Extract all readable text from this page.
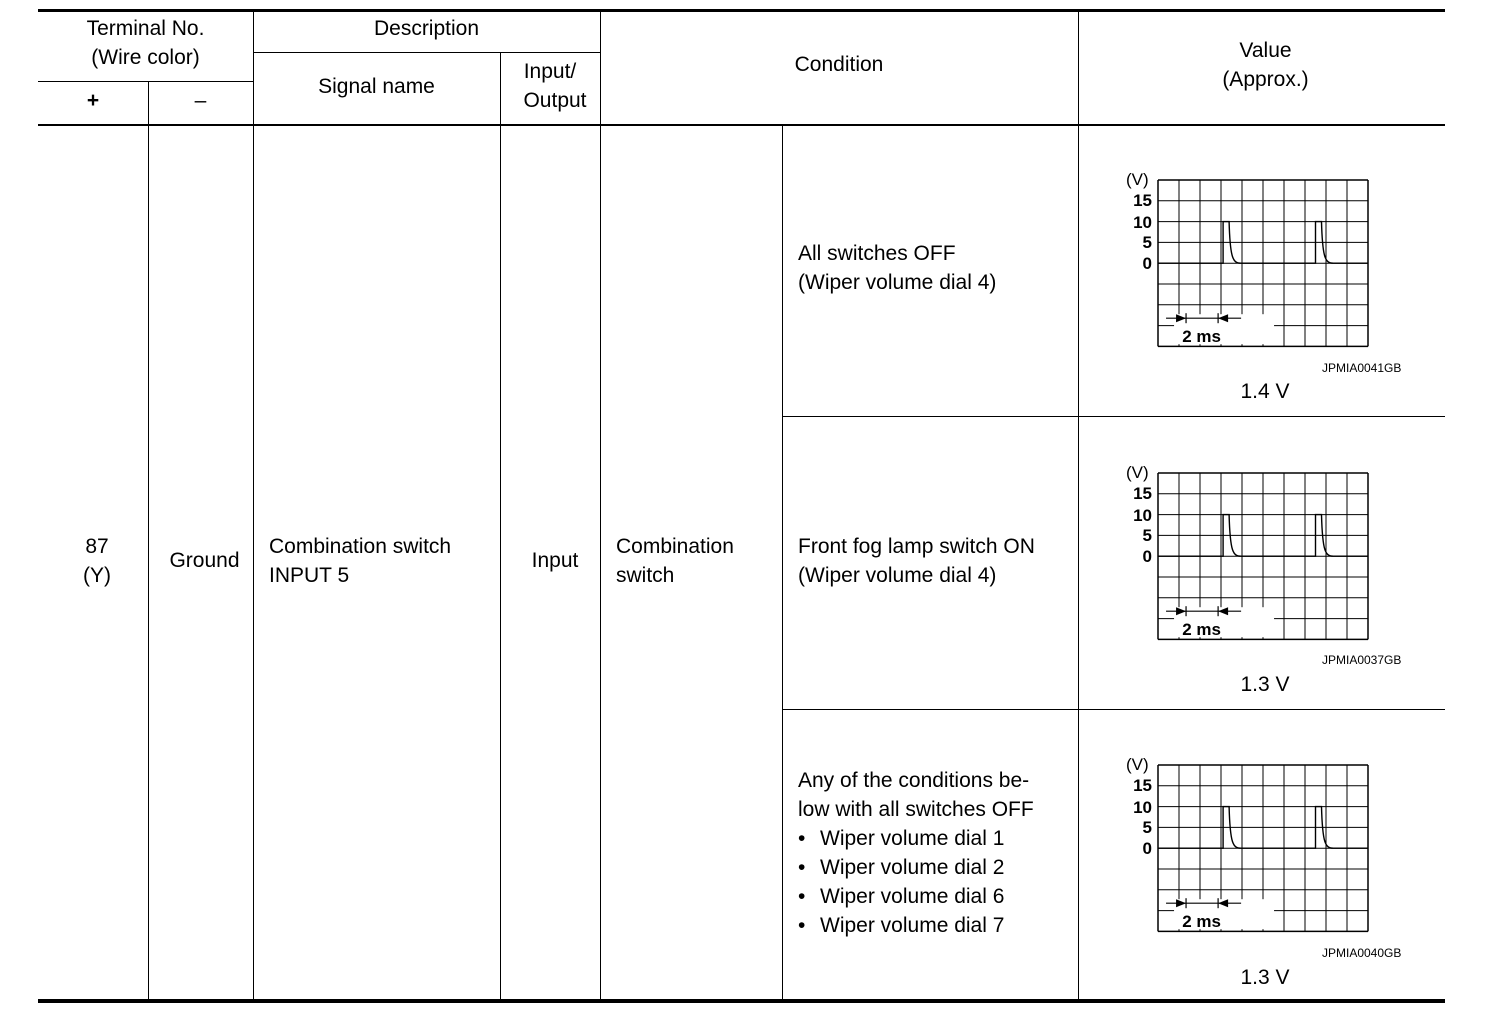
Terminal No.
(Wire color)
+	–
Description
Signal name
Input/
Output
Condition
Value
(Approx.)
87
(Y)
Ground
Combination switch
INPUT 5
Input
Combination
switch
All switches OFF
(Wiper volume dial 4)
Front fog lamp switch ON
(Wiper volume dial 4)
Any of the conditions be-
low with all switches OFF
• Wiper volume dial 1
• Wiper volume dial 2
• Wiper volume dial 6
• Wiper volume dial 7
(V)
15
10
5
0
2 ms
JPMIA0041GB
1.4 V
(V)
15
10
5
0
2 ms
JPMIA0037GB
1.3 V
(V)
15
10
5
0
2 ms
JPMIA0040GB
1.3 V
